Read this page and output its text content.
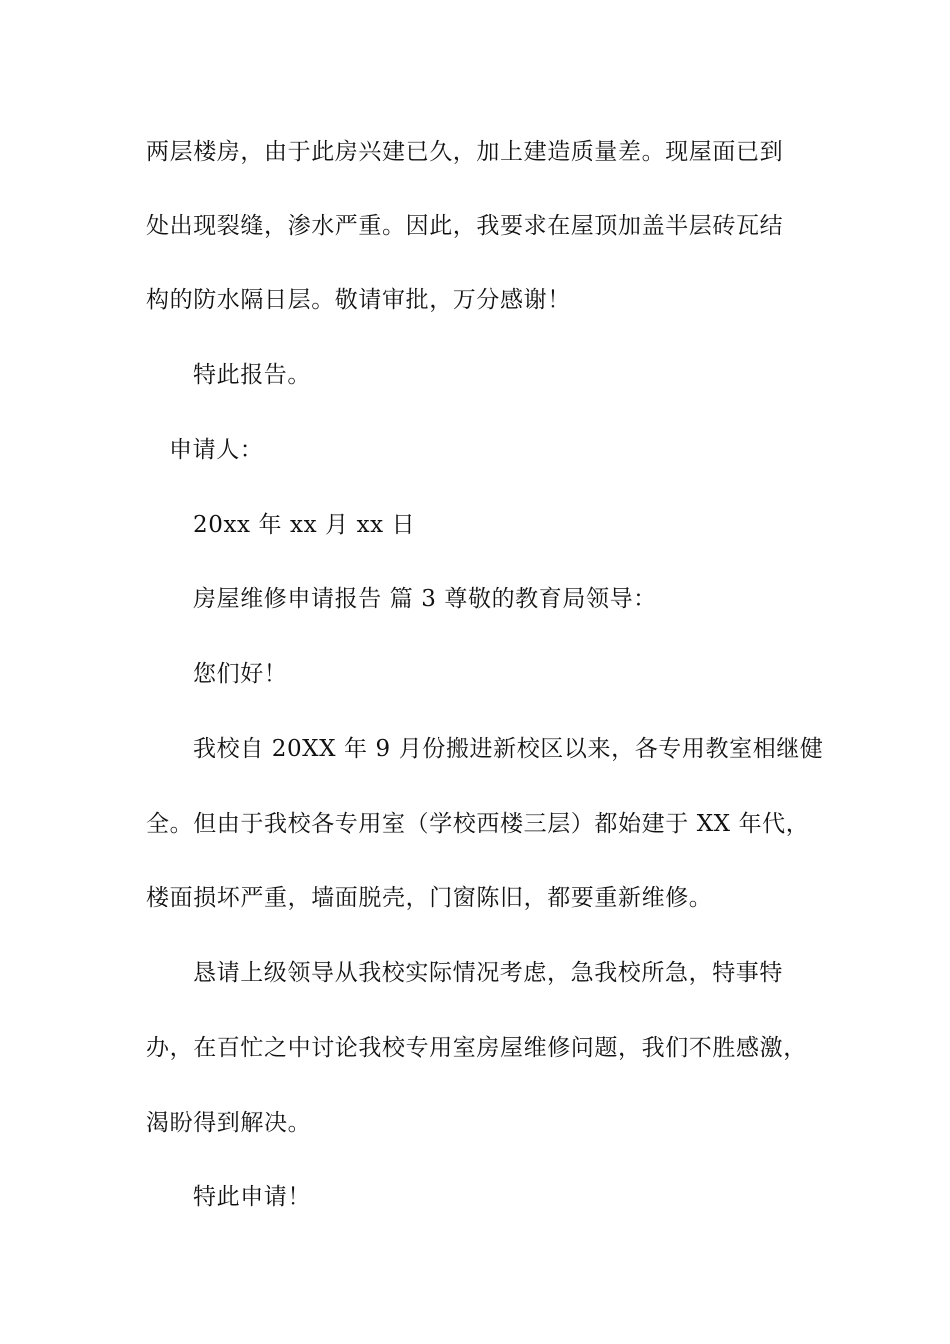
两层楼房，由于此房兴建已久，加上建造质量差。现屋面已到
处出现裂缝，渗水严重。因此，我要求在屋顶加盖半层砖瓦结
构的防水隔日层。敬请审批，万分感谢！
特此报告。
申请人：
20xx 年 xx 月 xx 日
房屋维修申请报告 篇 3 尊敬的教育局领导：
您们好！
我校自 20XX 年 9 月份搬进新校区以来，各专用教室相继健
全。但由于我校各专用室（学校西楼三层）都始建于 XX 年代，
楼面损坏严重，墙面脱壳，门窗陈旧，都要重新维修。
恳请上级领导从我校实际情况考虑，急我校所急，特事特
办，在百忙之中讨论我校专用室房屋维修问题，我们不胜感激，
渴盼得到解决。
特此申请！
